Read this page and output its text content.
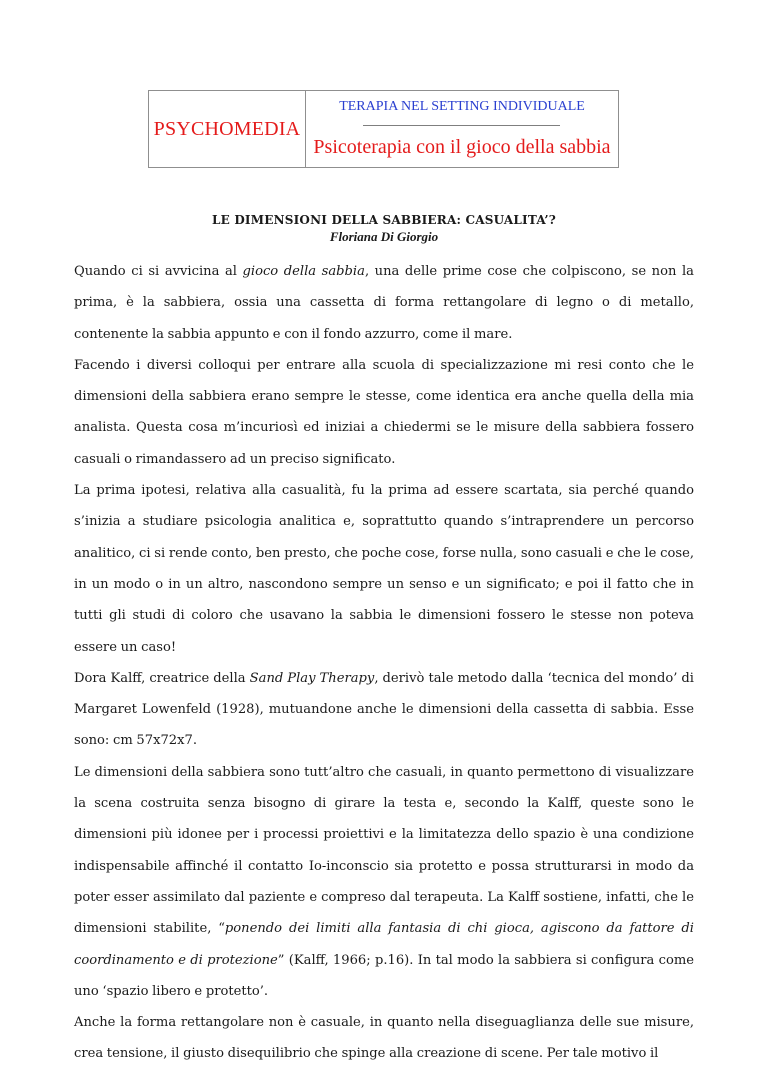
PSYCHOMEDIA
TERAPIA NEL SETTING INDIVIDUALE
Psicoterapia con il gioco della sabbia
LE DIMENSIONI DELLA SABBIERA: CASUALITA’?
Floriana Di Giorgio

Quando ci si avvicina al gioco della sabbia, una delle prime cose che colpiscono, se non la prima, è la sabbiera, ossia una cassetta di forma rettangolare di legno o di metallo, contenente la sabbia appunto e con il fondo azzurro, come il mare.

Facendo i diversi colloqui per entrare alla scuola di specializzazione mi resi conto che le dimensioni della sabbiera erano sempre le stesse, come identica era anche quella della mia analista. Questa cosa m’incuriosì ed iniziai a chiedermi se le misure della sabbiera fossero casuali o rimandassero ad un preciso significato.

La prima ipotesi, relativa alla casualità, fu la prima ad essere scartata, sia perché quando s’inizia a studiare psicologia analitica e, soprattutto quando s’intraprendere un percorso analitico, ci si rende conto, ben presto, che poche cose, forse nulla, sono casuali e che le cose, in un modo o in un altro, nascondono sempre un senso e un significato; e poi il fatto che in tutti gli studi di coloro che usavano la sabbia le dimensioni fossero le stesse non poteva essere un caso!

Dora Kalff, creatrice della Sand Play Therapy, derivò tale metodo dalla ‘tecnica del mondo’ di Margaret Lowenfeld (1928), mutuandone anche le dimensioni della cassetta di sabbia. Esse sono: cm 57x72x7.

Le dimensioni della sabbiera sono tutt’altro che casuali, in quanto permettono di visualizzare la scena costruita senza bisogno di girare la testa e, secondo la Kalff, queste sono le dimensioni più idonee per i processi proiettivi e la limitatezza dello spazio è una condizione indispensabile affinché il contatto Io-inconscio sia protetto e possa strutturarsi in modo da poter esser assimilato dal paziente e compreso dal terapeuta. La Kalff sostiene, infatti, che le dimensioni stabilite, “ponendo dei limiti alla fantasia di chi gioca, agiscono da fattore di coordinamento e di protezione” (Kalff, 1966; p.16). In tal modo la sabbiera si configura come uno ‘spazio libero e protetto’.

Anche la forma rettangolare non è casuale, in quanto nella diseguaglianza delle sue misure, crea tensione, il giusto disequilibrio che spinge alla creazione di scene. Per tale motivo il
